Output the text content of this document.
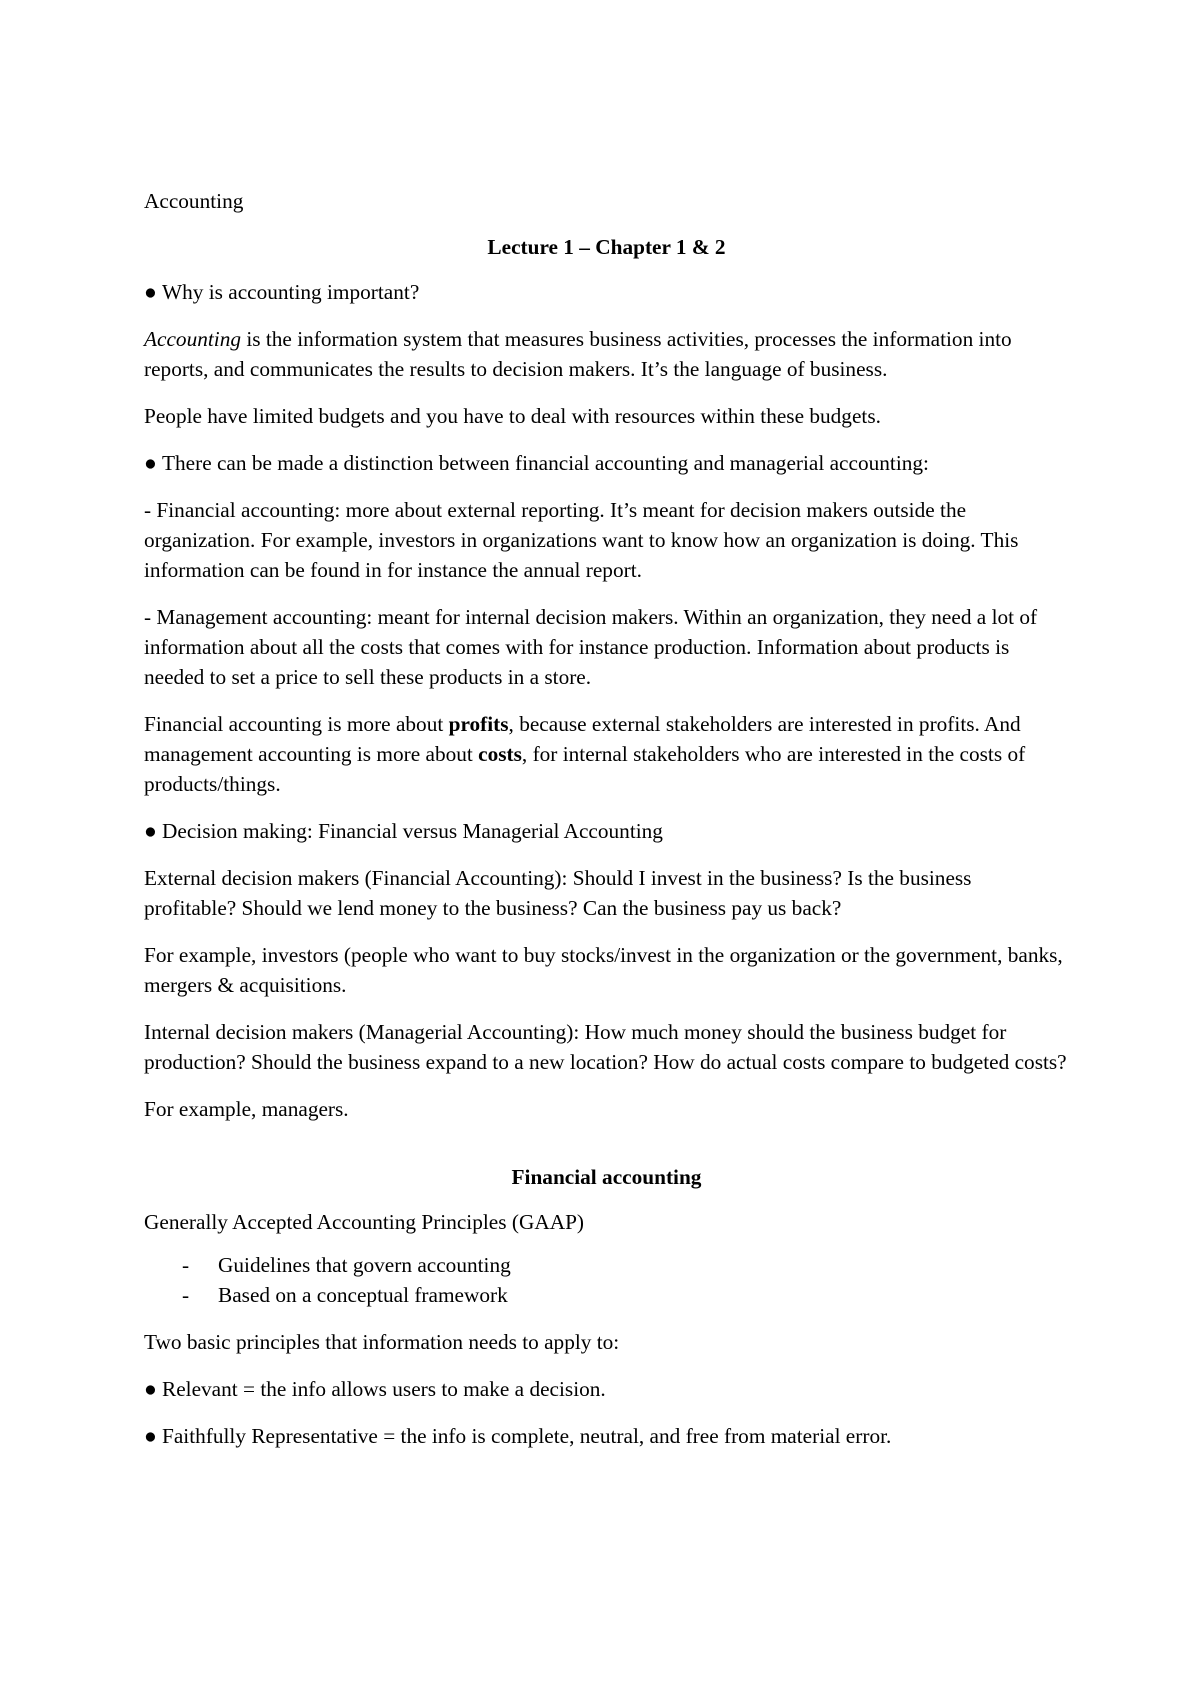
Accounting

Lecture 1 – Chapter 1 & 2

● Why is accounting important?

Accounting is the information system that measures business activities, processes the information into reports, and communicates the results to decision makers. It’s the language of business.

People have limited budgets and you have to deal with resources within these budgets.

● There can be made a distinction between financial accounting and managerial accounting:

- Financial accounting: more about external reporting. It’s meant for decision makers outside the organization. For example, investors in organizations want to know how an organization is doing. This information can be found in for instance the annual report.

- Management accounting: meant for internal decision makers. Within an organization, they need a lot of information about all the costs that comes with for instance production. Information about products is needed to set a price to sell these products in a store.

Financial accounting is more about profits, because external stakeholders are interested in profits. And management accounting is more about costs, for internal stakeholders who are interested in the costs of products/things.

● Decision making: Financial versus Managerial Accounting

External decision makers (Financial Accounting): Should I invest in the business? Is the business profitable? Should we lend money to the business? Can the business pay us back?

For example, investors (people who want to buy stocks/invest in the organization or the government, banks, mergers & acquisitions.

Internal decision makers (Managerial Accounting): How much money should the business budget for production? Should the business expand to a new location? How do actual costs compare to budgeted costs?

For example, managers.

Financial accounting

Generally Accepted Accounting Principles (GAAP)

- Guidelines that govern accounting
- Based on a conceptual framework

Two basic principles that information needs to apply to:

● Relevant = the info allows users to make a decision.

● Faithfully Representative = the info is complete, neutral, and free from material error.
